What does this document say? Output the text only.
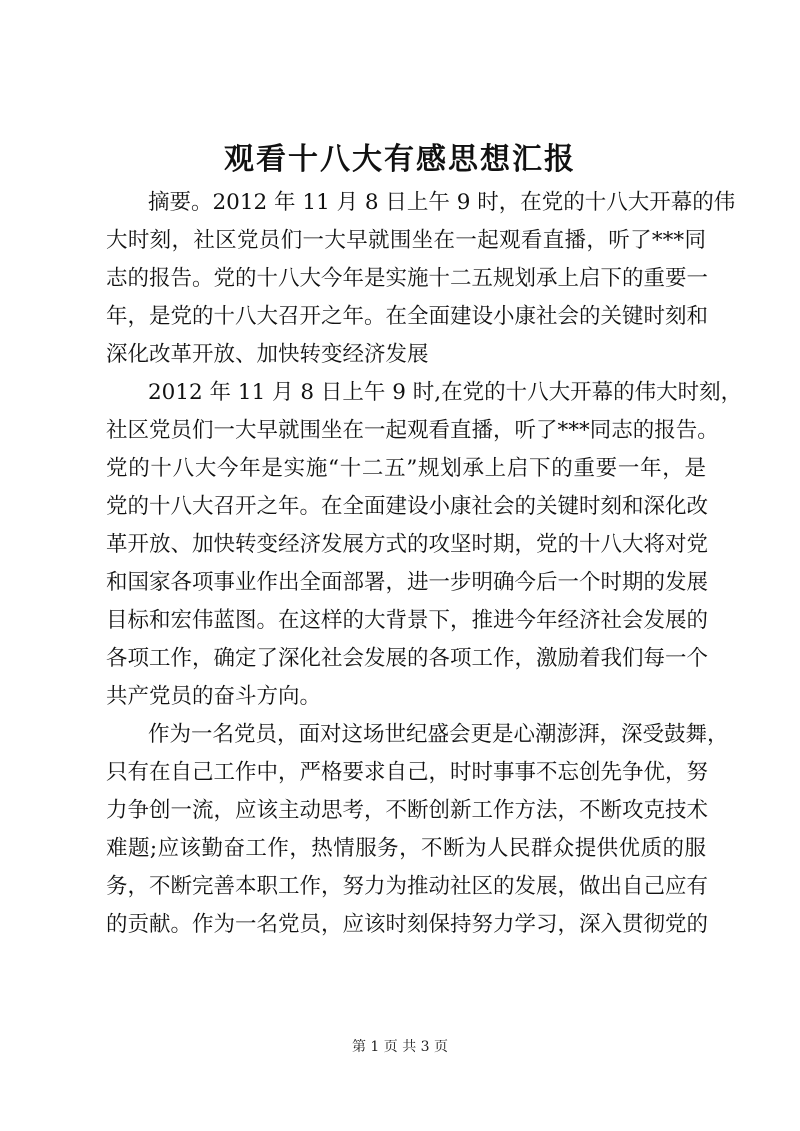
观看十八大有感思想汇报
摘要。2012 年 11 月 8 日上午 9 时，在党的十八大开幕的伟
大时刻，社区党员们一大早就围坐在一起观看直播，听了***同
志的报告。党的十八大今年是实施十二五规划承上启下的重要一
年，是党的十八大召开之年。在全面建设小康社会的关键时刻和
深化改革开放、加快转变经济发展
2012 年 11 月 8 日上午 9 时,在党的十八大开幕的伟大时刻，
社区党员们一大早就围坐在一起观看直播，听了***同志的报告。
党的十八大今年是实施“十二五”规划承上启下的重要一年，是
党的十八大召开之年。在全面建设小康社会的关键时刻和深化改
革开放、加快转变经济发展方式的攻坚时期，党的十八大将对党
和国家各项事业作出全面部署，进一步明确今后一个时期的发展
目标和宏伟蓝图。在这样的大背景下，推进今年经济社会发展的
各项工作，确定了深化社会发展的各项工作，激励着我们每一个
共产党员的奋斗方向。
作为一名党员，面对这场世纪盛会更是心潮澎湃，深受鼓舞，
只有在自己工作中，严格要求自己，时时事事不忘创先争优，努
力争创一流，应该主动思考，不断创新工作方法，不断攻克技术
难题;应该勤奋工作，热情服务，不断为人民群众提供优质的服
务，不断完善本职工作，努力为推动社区的发展，做出自己应有
的贡献。作为一名党员，应该时刻保持努力学习，深入贯彻党的
第 1 页 共 3 页
